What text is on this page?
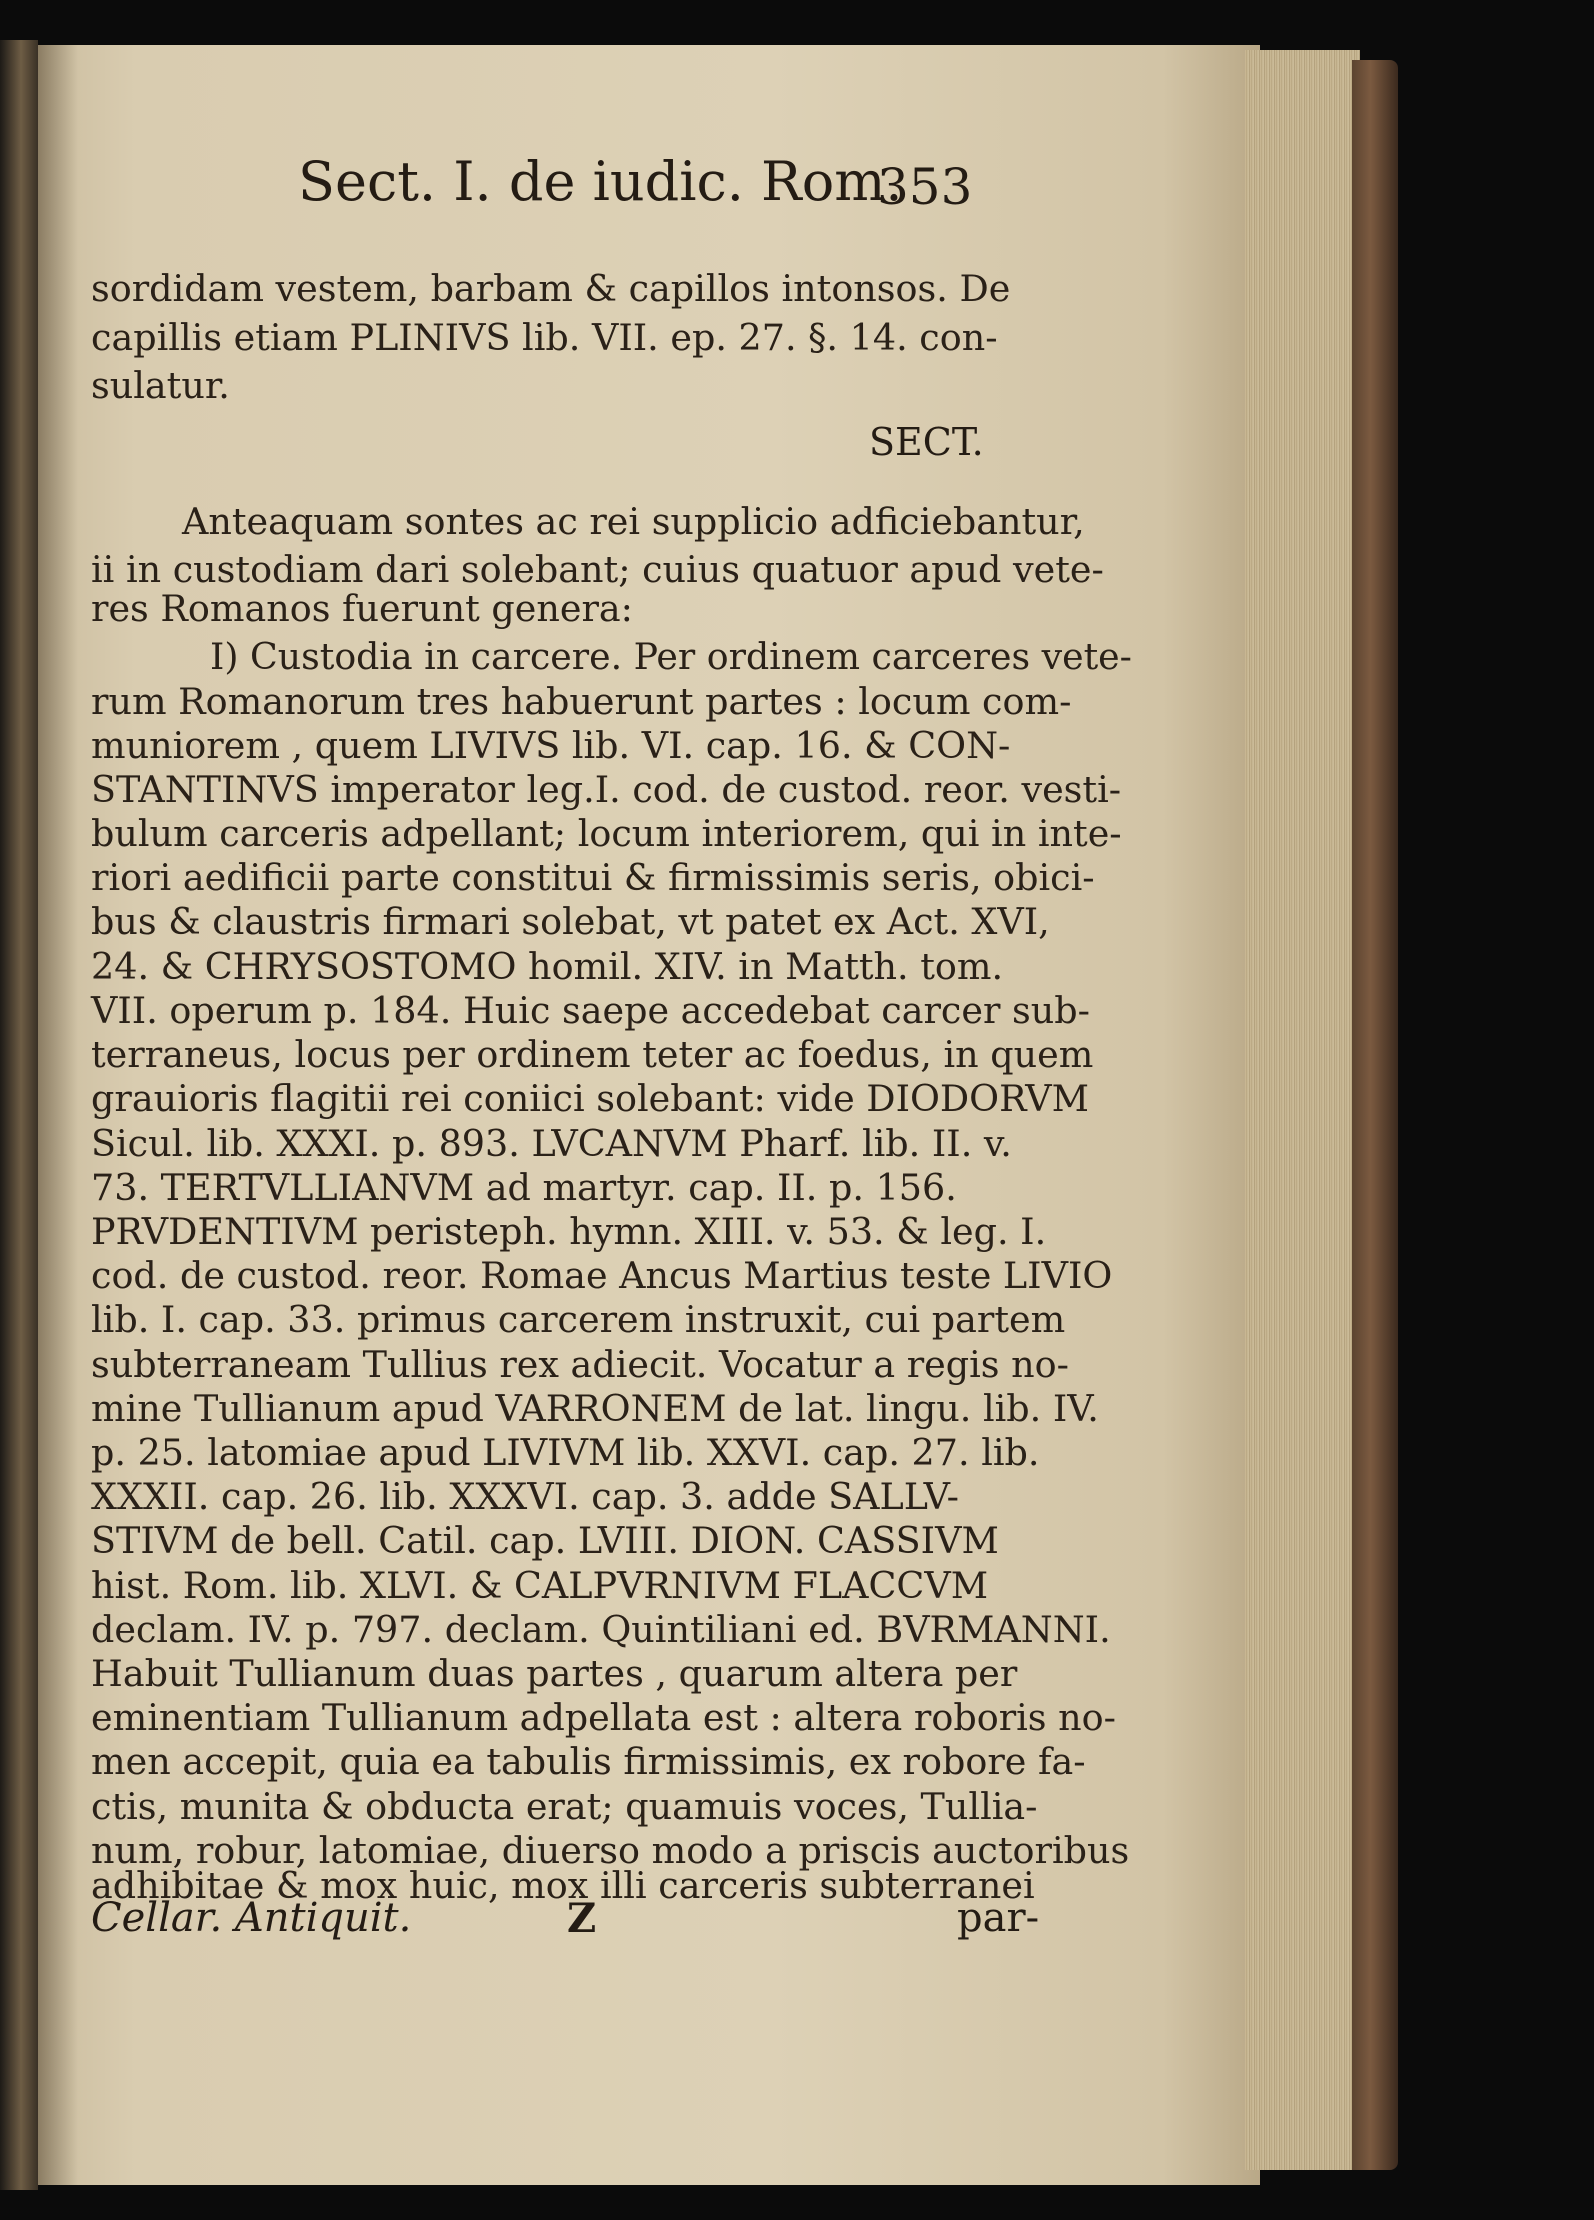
Sect. I. de iudic. Rom.
353
sordidam vestem, barbam & capillos intonsos. De
capillis etiam PLINIVS lib. VII. ep. 27. §. 14. con-
sulatur.
SECT.
Anteaquam sontes ac rei supplicio adficiebantur,
ii in custodiam dari solebant; cuius quatuor apud vete-
res Romanos fuerunt genera:
I) Custodia in carcere. Per ordinem carceres vete-
rum Romanorum tres habuerunt partes : locum com-
muniorem , quem LIVIVS lib. VI. cap. 16. & CON-
STANTINVS imperator leg.I. cod. de custod. reor. vesti-
bulum carceris adpellant; locum interiorem, qui in inte-
riori aedificii parte constitui & firmissimis seris, obici-
bus & claustris firmari solebat, vt patet ex Act. XVI,
24. & CHRYSOSTOMO homil. XIV. in Matth. tom.
VII. operum p. 184. Huic saepe accedebat carcer sub-
terraneus, locus per ordinem teter ac foedus, in quem
grauioris flagitii rei coniici solebant: vide DIODORVM
Sicul. lib. XXXI. p. 893. LVCANVM Pharf. lib. II. v.
73. TERTVLLIANVM ad martyr. cap. II. p. 156.
PRVDENTIVM peristeph. hymn. XIII. v. 53. & leg. I.
cod. de custod. reor. Romae Ancus Martius teste LIVIO
lib. I. cap. 33. primus carcerem instruxit, cui partem
subterraneam Tullius rex adiecit. Vocatur a regis no-
mine Tullianum apud VARRONEM de lat. lingu. lib. IV.
p. 25. latomiae apud LIVIVM lib. XXVI. cap. 27. lib.
XXXII. cap. 26. lib. XXXVI. cap. 3. adde SALLV-
STIVM de bell. Catil. cap. LVIII. DION. CASSIVM
hist. Rom. lib. XLVI. & CALPVRNIVM FLACCVM
declam. IV. p. 797. declam. Quintiliani ed. BVRMANNI.
Habuit Tullianum duas partes , quarum altera per
eminentiam Tullianum adpellata est : altera roboris no-
men accepit, quia ea tabulis firmissimis, ex robore fa-
ctis, munita & obducta erat; quamuis voces, Tullia-
num, robur, latomiae, diuerso modo a priscis auctoribus
adhibitae & mox huic, mox illi carceris subterranei
Cellar. Antiquit.	Z	par-
